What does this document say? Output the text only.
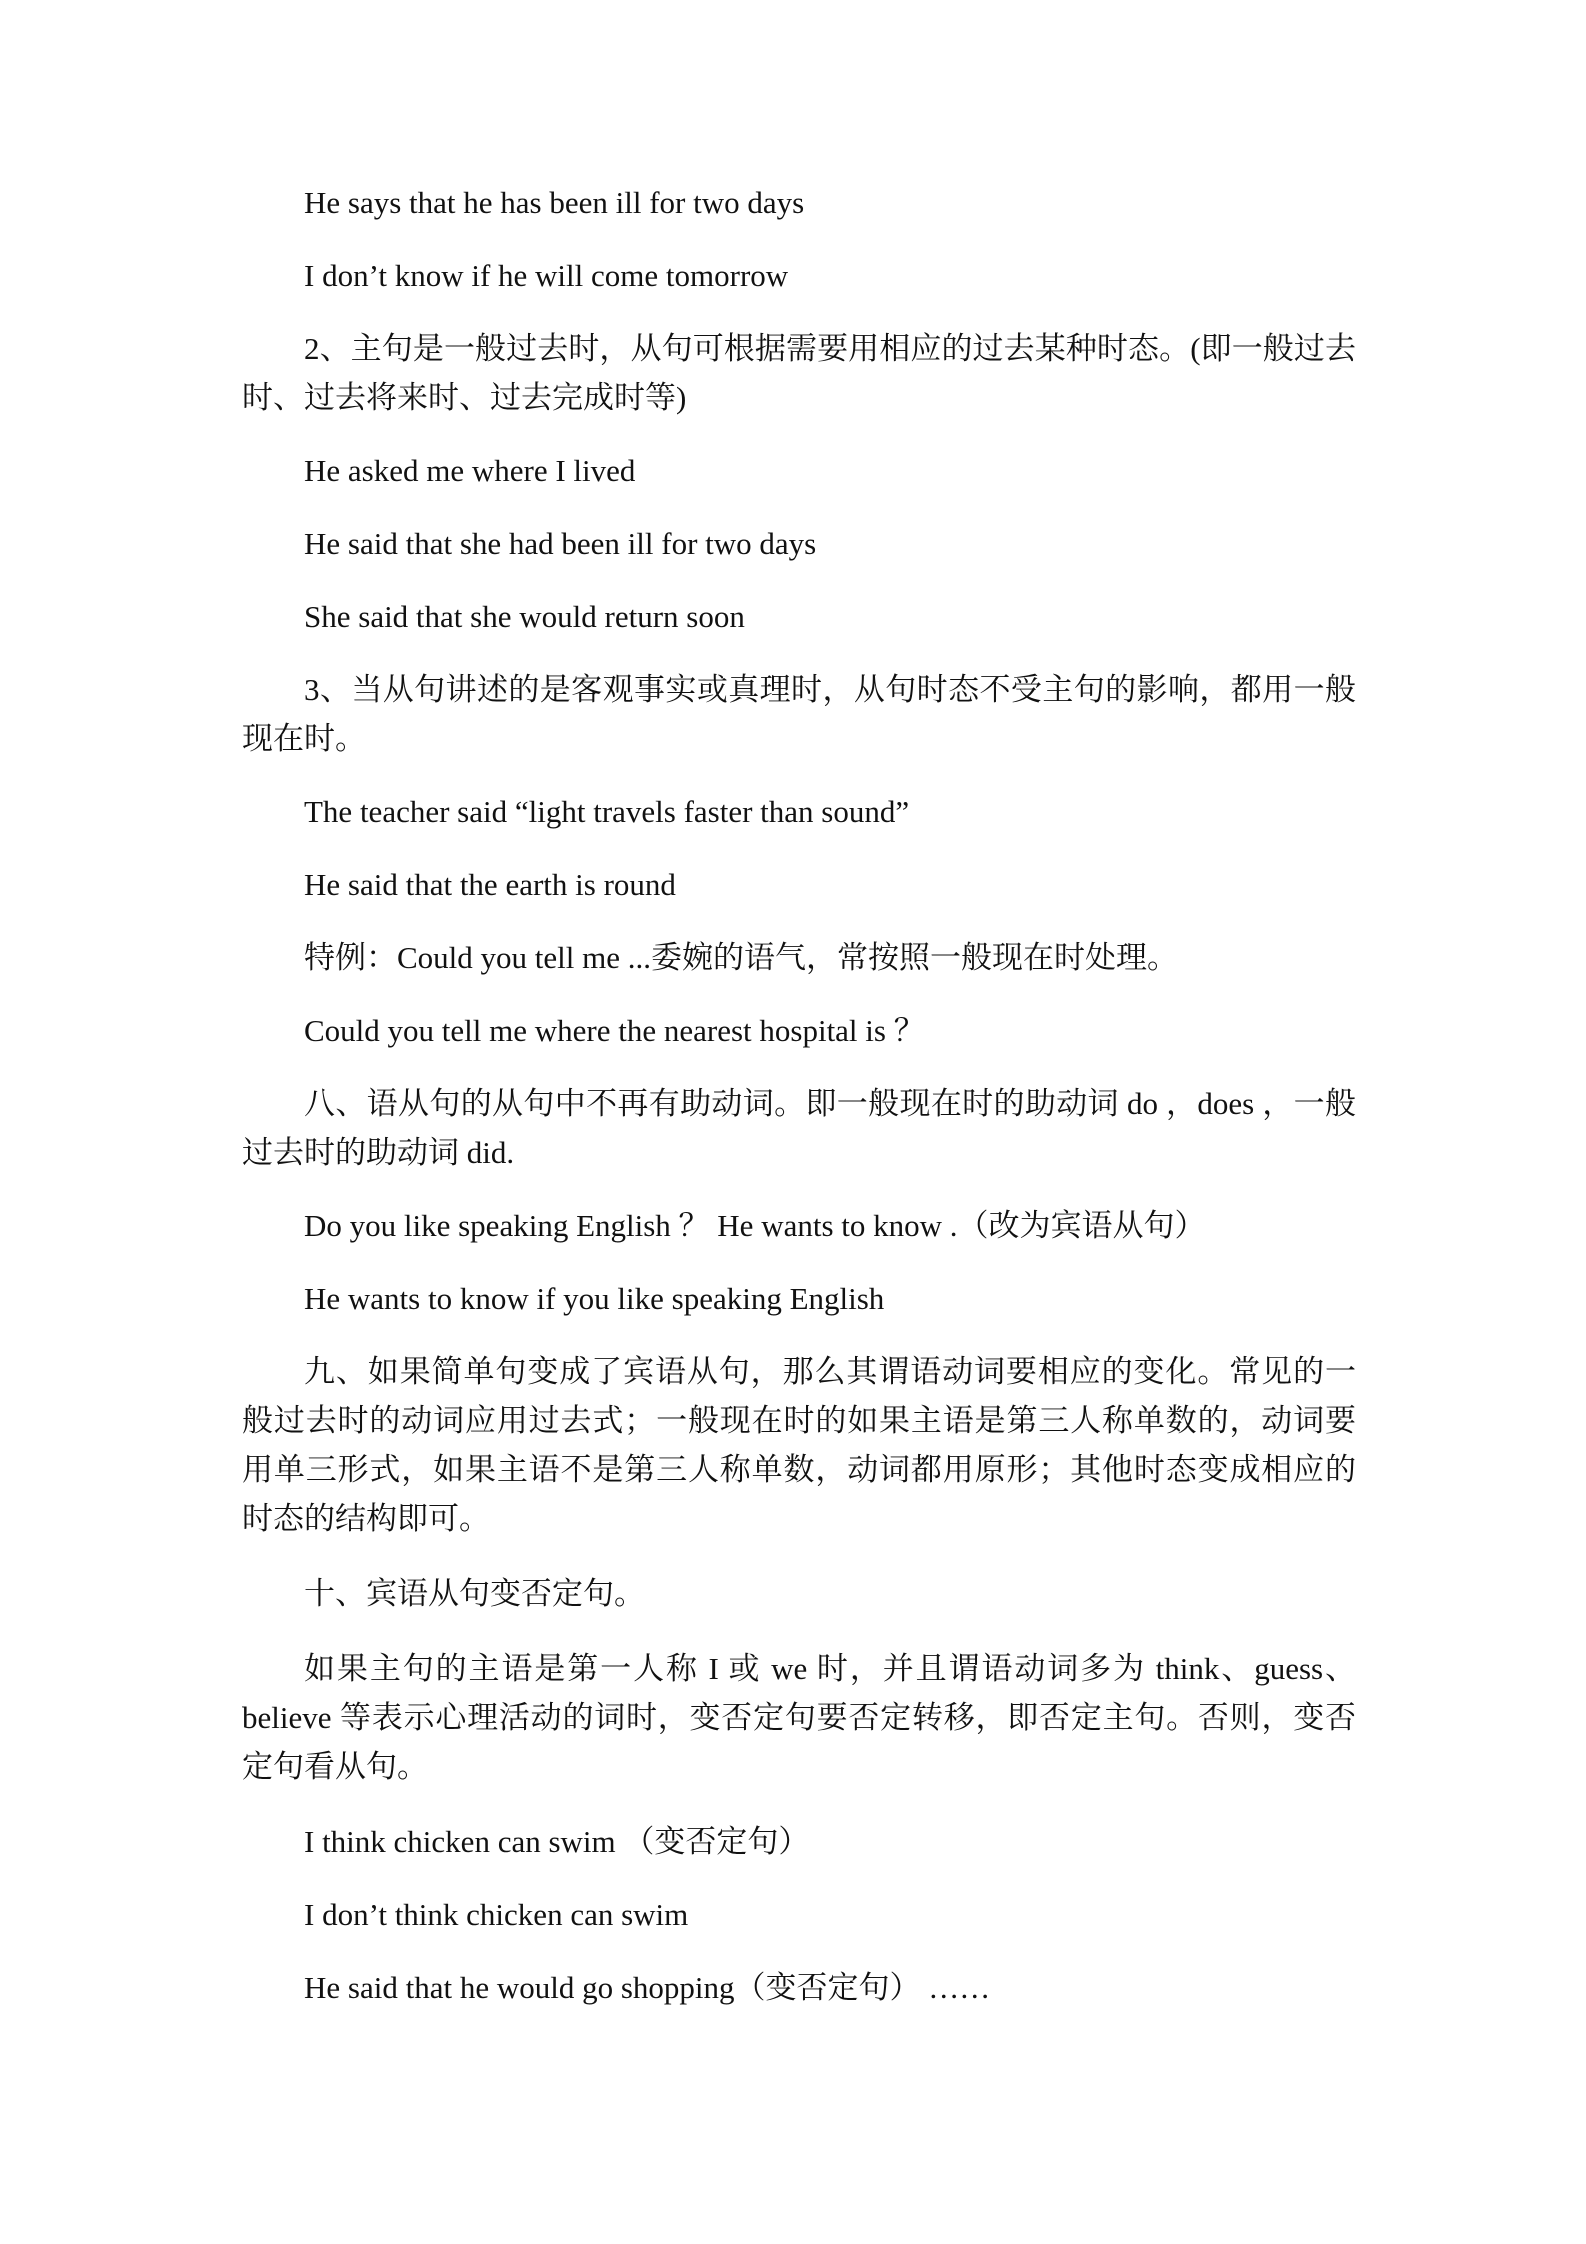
He says that he has been ill for two days

I don’t know if he will come tomorrow

2、主句是一般过去时，从句可根据需要用相应的过去某种时态。(即一般过去时、过去将来时、过去完成时等)

He asked me where I lived

He said that she had been ill for two days

She said that she would return soon

3、当从句讲述的是客观事实或真理时，从句时态不受主句的影响，都用一般现在时。

The teacher said “light travels faster than sound”

He said that the earth is round

特例：Could you tell me ...委婉的语气，常按照一般现在时处理。

Could you tell me where the nearest hospital is ？

八、语从句的从句中不再有助动词。即一般现在时的助动词 do ，does ，一般过去时的助动词 did.

Do you like speaking English ？ He wants to know .（改为宾语从句）

He wants to know if you like speaking English

九、如果简单句变成了宾语从句，那么其谓语动词要相应的变化。常见的一般过去时的动词应用过去式；一般现在时的如果主语是第三人称单数的，动词要用单三形式，如果主语不是第三人称单数，动词都用原形；其他时态变成相应的时态的结构即可。

十、宾语从句变否定句。

如果主句的主语是第一人称 I 或 we 时，并且谓语动词多为 think、guess、believe 等表示心理活动的词时，变否定句要否定转移，即否定主句。否则，变否定句看从句。

I think chicken can swim （变否定句）

I don’t think chicken can swim

He said that he would go shopping（变否定句） ……
